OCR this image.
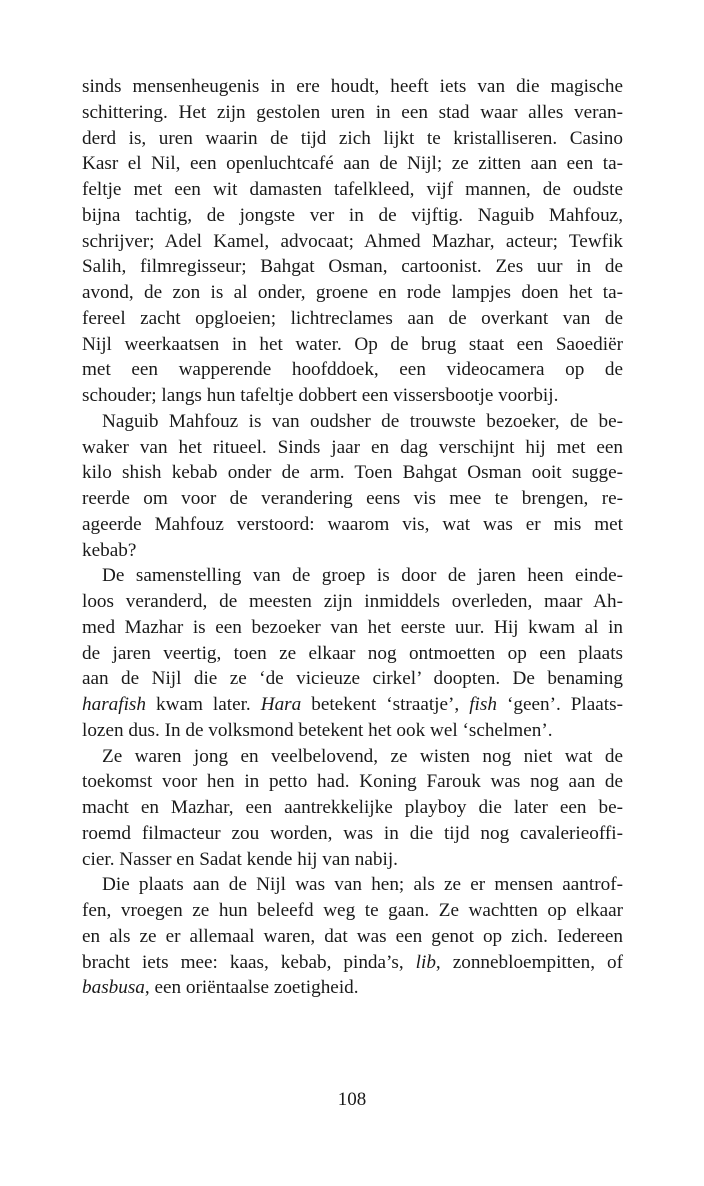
sinds mensenheugenis in ere houdt, heeft iets van die magische
schittering. Het zijn gestolen uren in een stad waar alles veran-
derd is, uren waarin de tijd zich lijkt te kristalliseren. Casino
Kasr el Nil, een openluchtcafé aan de Nijl; ze zitten aan een ta-
feltje met een wit damasten tafelkleed, vijf mannen, de oudste
bijna tachtig, de jongste ver in de vijftig. Naguib Mahfouz,
schrijver; Adel Kamel, advocaat; Ahmed Mazhar, acteur; Tewfik
Salih, filmregisseur; Bahgat Osman, cartoonist. Zes uur in de
avond, de zon is al onder, groene en rode lampjes doen het ta-
fereel zacht opgloeien; lichtreclames aan de overkant van de
Nijl weerkaatsen in het water. Op de brug staat een Saoediër
met een wapperende hoofddoek, een videocamera op de
schouder; langs hun tafeltje dobbert een vissersbootje voorbij.
Naguib Mahfouz is van oudsher de trouwste bezoeker, de be-
waker van het ritueel. Sinds jaar en dag verschijnt hij met een
kilo shish kebab onder de arm. Toen Bahgat Osman ooit sugge-
reerde om voor de verandering eens vis mee te brengen, re-
ageerde Mahfouz verstoord: waarom vis, wat was er mis met
kebab?
De samenstelling van de groep is door de jaren heen einde-
loos veranderd, de meesten zijn inmiddels overleden, maar Ah-
med Mazhar is een bezoeker van het eerste uur. Hij kwam al in
de jaren veertig, toen ze elkaar nog ontmoetten op een plaats
aan de Nijl die ze ‘de vicieuze cirkel’ doopten. De benaming
harafish kwam later. Hara betekent ‘straatje’, fish ‘geen’. Plaats-
lozen dus. In de volksmond betekent het ook wel ‘schelmen’.
Ze waren jong en veelbelovend, ze wisten nog niet wat de
toekomst voor hen in petto had. Koning Farouk was nog aan de
macht en Mazhar, een aantrekkelijke playboy die later een be-
roemd filmacteur zou worden, was in die tijd nog cavalerieoffi-
cier. Nasser en Sadat kende hij van nabij.
Die plaats aan de Nijl was van hen; als ze er mensen aantrof-
fen, vroegen ze hun beleefd weg te gaan. Ze wachtten op elkaar
en als ze er allemaal waren, dat was een genot op zich. Iedereen
bracht iets mee: kaas, kebab, pinda’s, lib, zonnebloempitten, of
basbusa, een oriëntaalse zoetigheid.
108
